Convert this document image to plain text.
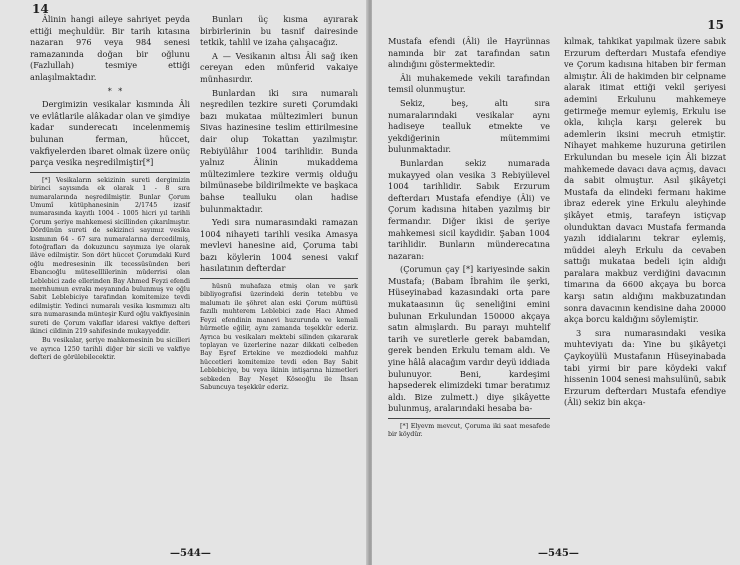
14

Âlinin hangi aileye sahriyet peyda ettiği meçhuldür. Bir tarih kıtasına nazaran 976 veya 984 senesi ramazanında doğan bir oğlunu (Fazlullah) tesmiye ettiği anlaşılmaktadır.

* *

Dergimizin vesikalar kısmında Âli ve evlâtlarile alâkadar olan ve şimdiye kadar sunderecatı incelenmemiş bulunan ferman, hüccet, vakfiyelerden ibaret olmak üzere onüç parça vesika neşredilmiştir[*]

[*] Vesikaların sekizinin sureti dergimizin birinci sayısında ek olarak 1 - 8 sıra numaralarında neşredilmiştir. Bunlar Çorum Umumî kütüphanesinin 2/1745 izasif numarasında kayıtlı 1004 - 1005 hicri yıl tarihli Çorum şeriye mahkemesi sicillinden çıkarılmıştır. Dördünün sureti de sekizinci sayımız vesika kısmının 64 - 67 sıra numaralarına dercedilmiş, fotoğrafları da dokuzuncu sayımıza iye olarak ilâve edilmiştir. Son dört hüccet Çorumdaki Kurd oğlu medresesinin ilk tecessüsünden beri Ebancıoğlu müteselllilerinin müderrisi olan Leblebici zade ellerinden Bay Ahmed Feyzi efendi mernhumun evrakı meyanında bulunmuş ve oğlu Sabit Leblebiciye tarafından komitemize tevdi edilmiştir. Yedinci numaralı vesika kısmımızı altı sıra numarasında münteşir Kurd oğlu vakfiyesinin sureti de Çorum vakıflar idaresi vakfiye defteri ikinci cildinin 219 sahifesinde mukayyeddir.

Bu vesikalar, şeriye mahkemesinin bu sicilleri ve ayrıca 1250 tarihli diğer bir sicili ve vakfiye defteri de görülebilecektir.

Bunları üç kısma ayırarak birbirlerinin bu tasnif dairesinde tetkik, tahlil ve izaha çalışacağız.

A — Vesikanın altısı Âli sağ iken cereyan eden münferid vakaiye münhasırdır.

Bunlardan iki sıra numaralı neşredilen tezkire sureti Çorumdaki bazı mukataa mültezimleri bunun Sivas hazinesine teslim ettirilmesine dair olup Tokattan yazılmıştır. Rebiyülâhır 1004 tarihlidir. Bunda yalnız Âlinin mukaddema mültezimlere tezkire vermiş olduğu bilmünasebe bildirilmekte ve başkaca bahse tealluku olan hadise bulunmaktadır.

Yedi sıra numarasındaki ramazan 1004 nihayeti tarihli vesika Amasya mevlevi hanesine aid, Çoruma tabi bazı köylerin 1004 senesi vakıf hasılatının defterdar

hüsnü muhafaza etmiş olan ve şark bibliyografisi üzerindeki derin tetebbu ve malumatı ile şöhret alan eski Çorum müftüsü fazıllı muhterem Leblebici zade Hacı Ahmed Feyzi efendinin manevi huzurunda ve kemali hürmetle eğilir, aynı zamanda teşekkür ederiz. Ayrıca bu vesikaları mektebi silinden çıkararak toplayan ve üzerlerine nazar dikkati celbeden Bay Eşref Ertekine ve mezdiodeki mahfuz hüccetleri komitemize tevdi eden Bay Sabit Leblebiciye, bu veya ikinin intişarına hizmetleri sebkeden Bay Neşet Köseoğlu ile İhsan Sabuncuya teşekkür ederiz.

—544—
15

Mustafa efendi (Âli) ile Hayrünnas namında bir zat tarafından satın alındığını göstermektedir.

Âli muhakemede vekili tarafından temsil olunmuştur.

Sekiz, beş, altı sıra numaralarındaki vesikalar aynı hadiseye tealluk etmekte ve yekdiğerinin mütemmimi bulunmaktadır.

Bunlardan sekiz numarada mukayyed olan vesika 3 Rebiyülevel 1004 tarihlidir. Sabık Erzurum defterdarı Mustafa efendiye (Âli) ve Çorum kadısına hitaben yazılmış bir fermandır. Diğer ikisi de şeriye mahkemesi sicil kaydidir. Şaban 1004 tarihlidir. Bunların münderecatına nazaran:

(Çorumun çay [*] kariyesinde sakin Mustafa; (Babam İbrahim ile şerki, Hüseyinabad kazasındaki orta pare mukataasının üç seneliğini emini bulunan Erkulundan 150000 akçaya satın almışlardı. Bu parayı muhtelif tarih ve suretlerle gerek babamdan, gerek benden Erkulu temam aldı. Ve yine hâlâ alacağım vardır deyü iddiada bulunuyor. Beni, kardeşimi hapsederek elimizdeki tımar beratımız aldı. Bize zulmett.) diye şikâyette bulunmuş, aralarındaki hesaba ba-

[*] Elyevm mevcut, Çoruma iki saat mesafede bir köydür.

kılmak, tahkikat yapılmak üzere sabık Erzurum defterdarı Mustafa efendiye ve Çorum kadısına hitaben bir ferman almıştır. Âli de hakimden bir celpname alarak itimat ettiği vekil şeriyesi ademini Erkulunu mahkemeye getirmeğe memur eylemiş, Erkulu ise okla, kılıçla karşı gelerek bu ademlerin iksini mecruh etmiştir. Nihayet mahkeme huzuruna getirilen Erkulundan bu mesele için Âli bizzat mahkemede davacı dava açmış, davacı da sabit olmuştur. Asıl şikâyetçi Mustafa da elindeki fermanı hakime ibraz ederek yine Erkulu aleyhinde şikâyet etmiş, tarafeyn istiçvap olunduktan davacı Mustafa fermanda yazılı iddialarını tekrar eylemiş, müddei aleyh Erkulu da cevaben sattığı mukataa bedeli için aldığı paralara makbuz verdiğini davacının timarına da 6600 akçaya bu borca karşı satın aldığını makbuzatından sonra davacının kendisine daha 20000 akça borcu kaldığını söylemiştir.

3 sıra numarasındaki vesika muhteviyatı da: Yine bu şikâyetçi Çaykoyülü Mustafanın Hüseyinabada tabi yirmi bir pare köydeki vakıf hissenin 1004 senesi mahsulünü, sabık Erzurum defterdarı Mustafa efendiye (Âli) sekiz bin akça-

—545—
